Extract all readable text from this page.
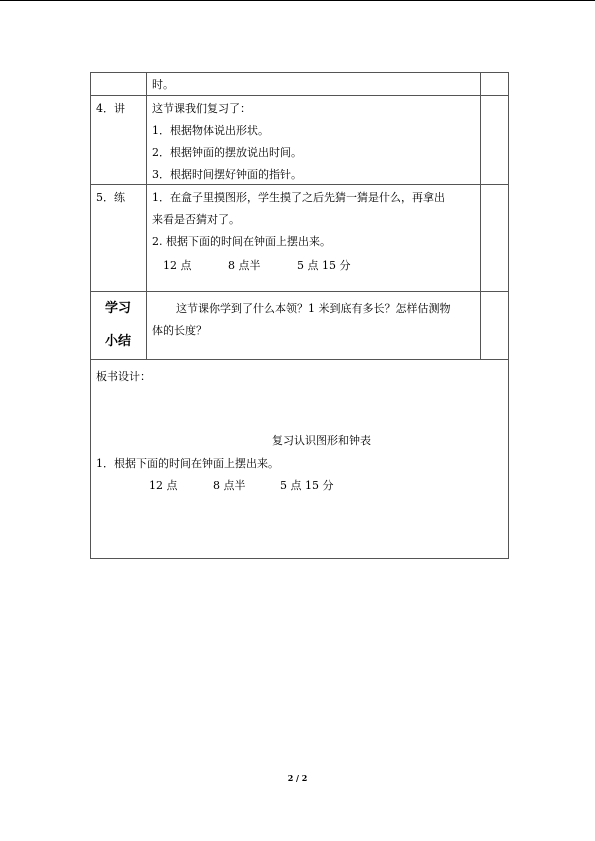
时。
4．讲 这节课我们复习了：
1．根据物体说出形状。
2．根据钟面的摆放说出时间。
3．根据时间摆好钟面的指针。
5．练 1．在盒子里摸图形，学生摸了之后先猜一猜是什么，再拿出
来看是否猜对了。
2. 根据下面的时间在钟面上摆出来。
12 点	8 点半	5 点 15 分
学习
小结
这节课你学到了什么本领？1 米到底有多长？怎样估测物
体的长度？
板书设计：
复习认识图形和钟表
1．根据下面的时间在钟面上摆出来。
12 点	8 点半	5 点 15 分
2 / 2
